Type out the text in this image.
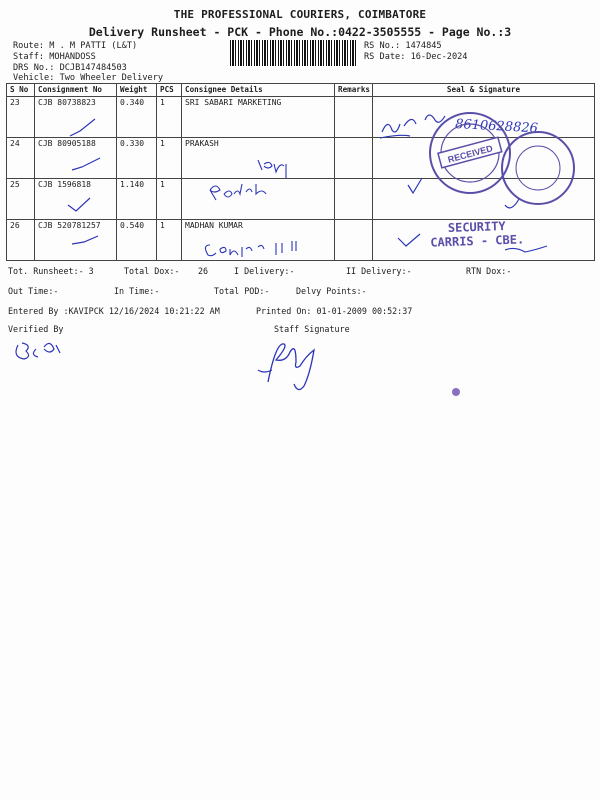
THE PROFESSIONAL COURIERS, COIMBATORE
Delivery Runsheet - PCK - Phone No.:0422-3505555 - Page No.:3
Route: M . M PATTI (L&T)
Staff: MOHANDOSS
DRS No.: DCJB147484503
Vehicle: Two Wheeler Delivery
RS No.: 1474845
RS Date: 16-Dec-2024
S No	Consignment No	Weight	PCS	Consignee Details	Remarks	Seal & Signature
23	CJB 80738823	0.340	1	SRI SABARI MARKETING		
24	CJB 80905188	0.330	1	PRAKASH		
25	CJB 1596818	1.140	1			
26	CJB 520781257	0.540	1	MADHAN KUMAR		
8610628826
RECEIVED
SECURITY
CARRIS - CBE.
Tot. Runsheet:- 3	Total Dox:- 26	I Delivery:-	II Delivery:-	RTN Dox:-
Out Time:-	In Time:-	Total POD:-	Delvy Points:-
Entered By :KAVIPCK 12/16/2024 10:21:22 AM	Printed On: 01-01-2009 00:52:37
Verified By	Staff Signature
